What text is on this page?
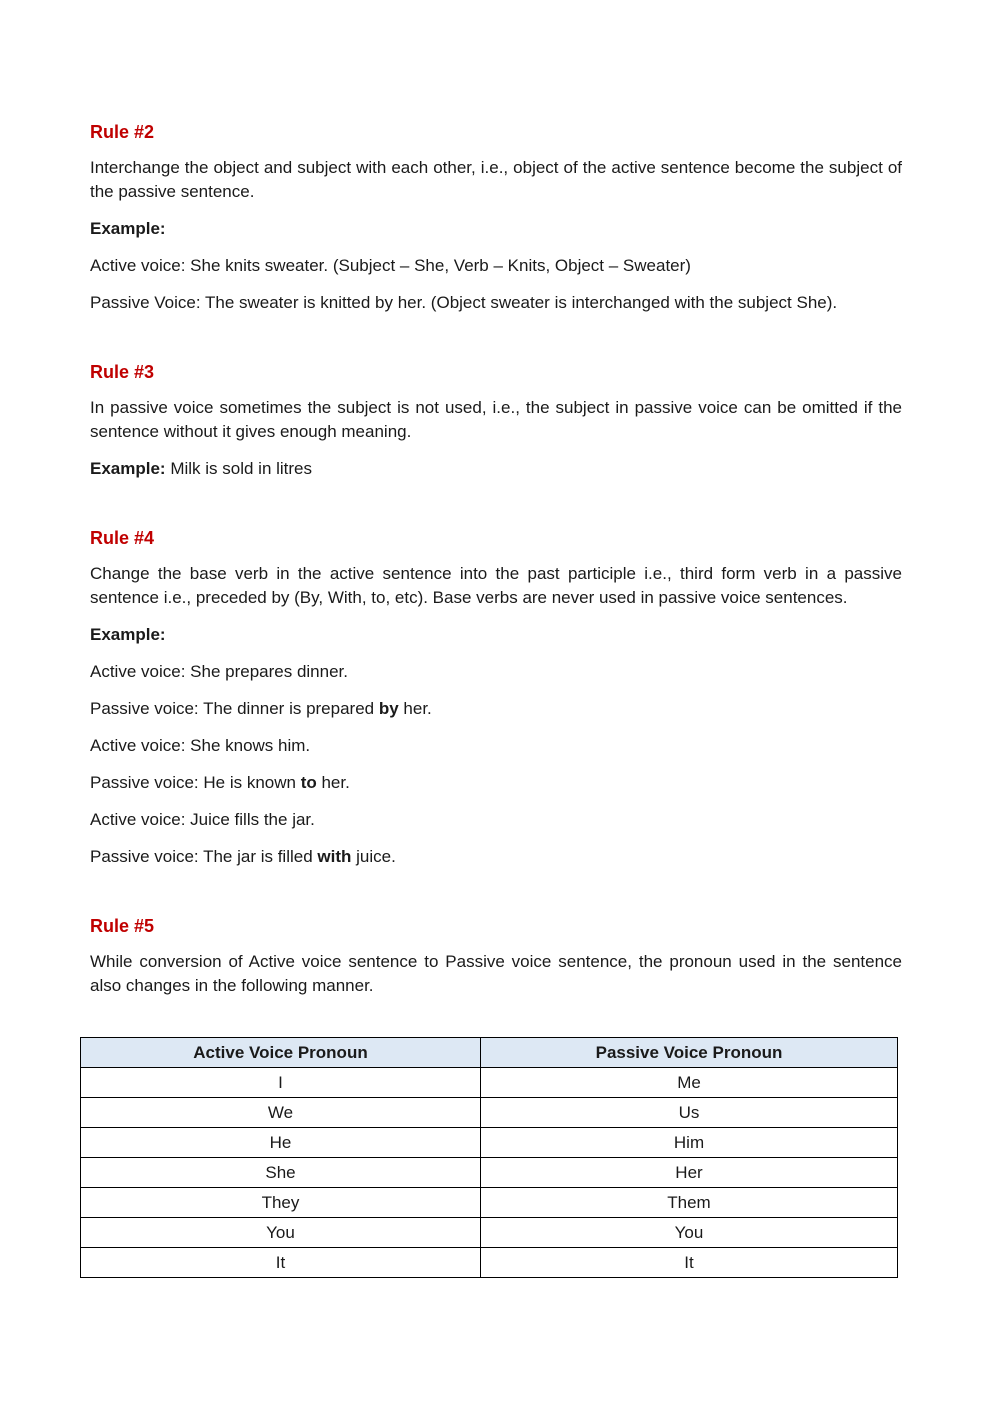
Rule #2

Interchange the object and subject with each other, i.e., object of the active sentence become the subject of the passive sentence.

Example:

Active voice: She knits sweater. (Subject – She, Verb – Knits, Object – Sweater)

Passive Voice: The sweater is knitted by her. (Object sweater is interchanged with the subject She).

Rule #3

In passive voice sometimes the subject is not used, i.e., the subject in passive voice can be omitted if the sentence without it gives enough meaning.

Example: Milk is sold in litres

Rule #4

Change the base verb in the active sentence into the past participle i.e., third form verb in a passive sentence i.e., preceded by (By, With, to, etc). Base verbs are never used in passive voice sentences.

Example:

Active voice: She prepares dinner.

Passive voice: The dinner is prepared by her.

Active voice: She knows him.

Passive voice: He is known to her.

Active voice: Juice fills the jar.

Passive voice: The jar is filled with juice.

Rule #5

While conversion of Active voice sentence to Passive voice sentence, the pronoun used in the sentence also changes in the following manner.

Active Voice Pronoun	Passive Voice Pronoun
I	Me
We	Us
He	Him
She	Her
They	Them
You	You
It	It
